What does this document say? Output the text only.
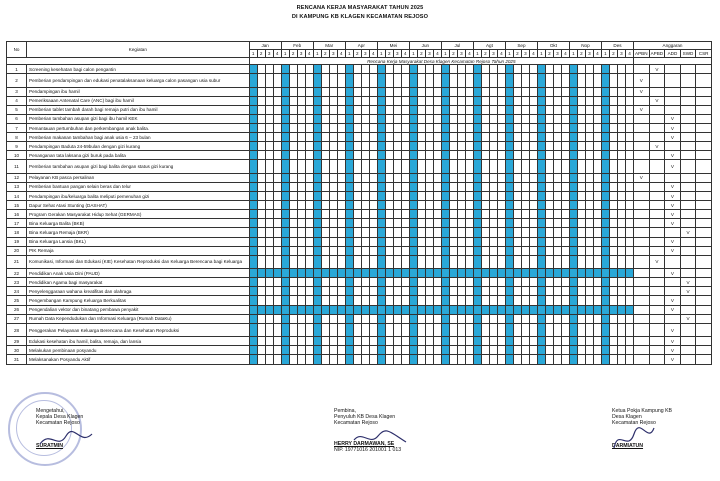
RENCANA KERJA MASYARAKAT TAHUN 2025
DI KAMPUNG KB KLAGEN KECAMATAN REJOSO
No	Kegiatan	Jan				Feb				Mar				Apr				Mei				Jun				Jul				Agt				Sep				Okt				Nop				Des				Anggaran				
		1	2	3	4	1	2	3	4	1	2	3	4	1	2	3	4	1	2	3	4	1	2	3	4	1	2	3	4	1	2	3	4	1	2	3	4	1	2	3	4	1	2	3	4	1	2	3	4	APBN	APBD	ADD	SWD	CSR
		Rencana Kerja Masyarakat Desa Klagen Kecamatan Rejoso Tahun 2025																																																				
1	Screening kesehatan bagi calon pengantin																																																		V			
2	Pemberian pendampingan dan edukasi penatalaksanaan keluarga calon pasangan usia subur																																																	V				
3	Pendampingan ibu hamil																																																	V				
4	Pemeriksaaan Antenatal Care (ANC) bagi ibu hamil																																																		V			
5	Pemberian tablet tambah darah bagi remaja putri dan ibu hamil																																																	V				
6	Pemberian tambahan asupan gizi bagi ibu hamil KEK																																																			V		
7	Pemantauan pertumbuhan dan perkembangan anak balita.																																																			V		
8	Pemberian makanan tambahan bagi anak usia 6 – 23 bulan																																																			V		
9	Pendampingan Baduta 24-59bulan dengan gizi kurang																																																		V			
10	Penanganan tata laksana gizi buruk pada balita																																																			V		
11	Pemberian tambahan asupan gizi bagi balita dengan status gizi kurang																																																			V		
12	Pelayanan KB pasca persalinan																																																	V				
13	Pemberian bantuan pangan selain beras dan telur																																																			V		
14	Pendampingan ibu/keluarga balita meliputi pemenuhan gizi																																																			V		
15	Dapur Sehat Atasi Stunting (DASHAT)																																																			V		
16	Program Gerakan Masyarakat Hidup Sehat (GERMAS)																																																			V		
17	Bina Keluarga Balita (BKB)																																																			V		
18	Bina Keluarga Remaja (BKR)																																																				V	
19	Bina Keluarga Lansia (BKL)																																																			V		
20	PIK Remaja																																																			V		
21	Komunikasi, Informasi dan Edukasi (KIE) Kesehatan Reproduksi dan Keluarga Berencana bagi Keluarga																																																		V			
22	Pendidikan Anak Usia Dini (PAUD)																																																			V		
23	Pendidikan Agama bagi masyarakat																																																				V	
24	Penyelenggaraan wahana kreatifitas dan olahraga																																																				V	
25	Pengembangan Kampung Keluarga Berkualitas																																																			V		
26	Pengendalian vektor dan binatang pembawa penyakit																																																			V		
27	Rumah Data Kependudukan dan Informasi Keluarga (Rumah DataKu)																																																				V	
28	Penggerakan Pelayanan Keluarga Berencana dan Kesehatan Reproduksi																																																			V		
29	Edukasi kesehatan ibu hamil, balita, remaja, dan lansia																																																			V		
30	Melakukan pembinaan posyandu																																																			V		
31	Melaksanakan Posyandu Aktif																																																			V		
Mengetahui,
Kepala Desa Klagen
Kecamatan Rejoso
SURATMIN
Pembina,
Penyuluh KB Desa Klagen
Kecamatan Rejoso
HERRY DARMAWAN, SE
NIP. 19771016 201001 1 013
Ketua Pokja Kampung KB
Desa Klagen
Kecamatan Rejoso
DARMIATUN
